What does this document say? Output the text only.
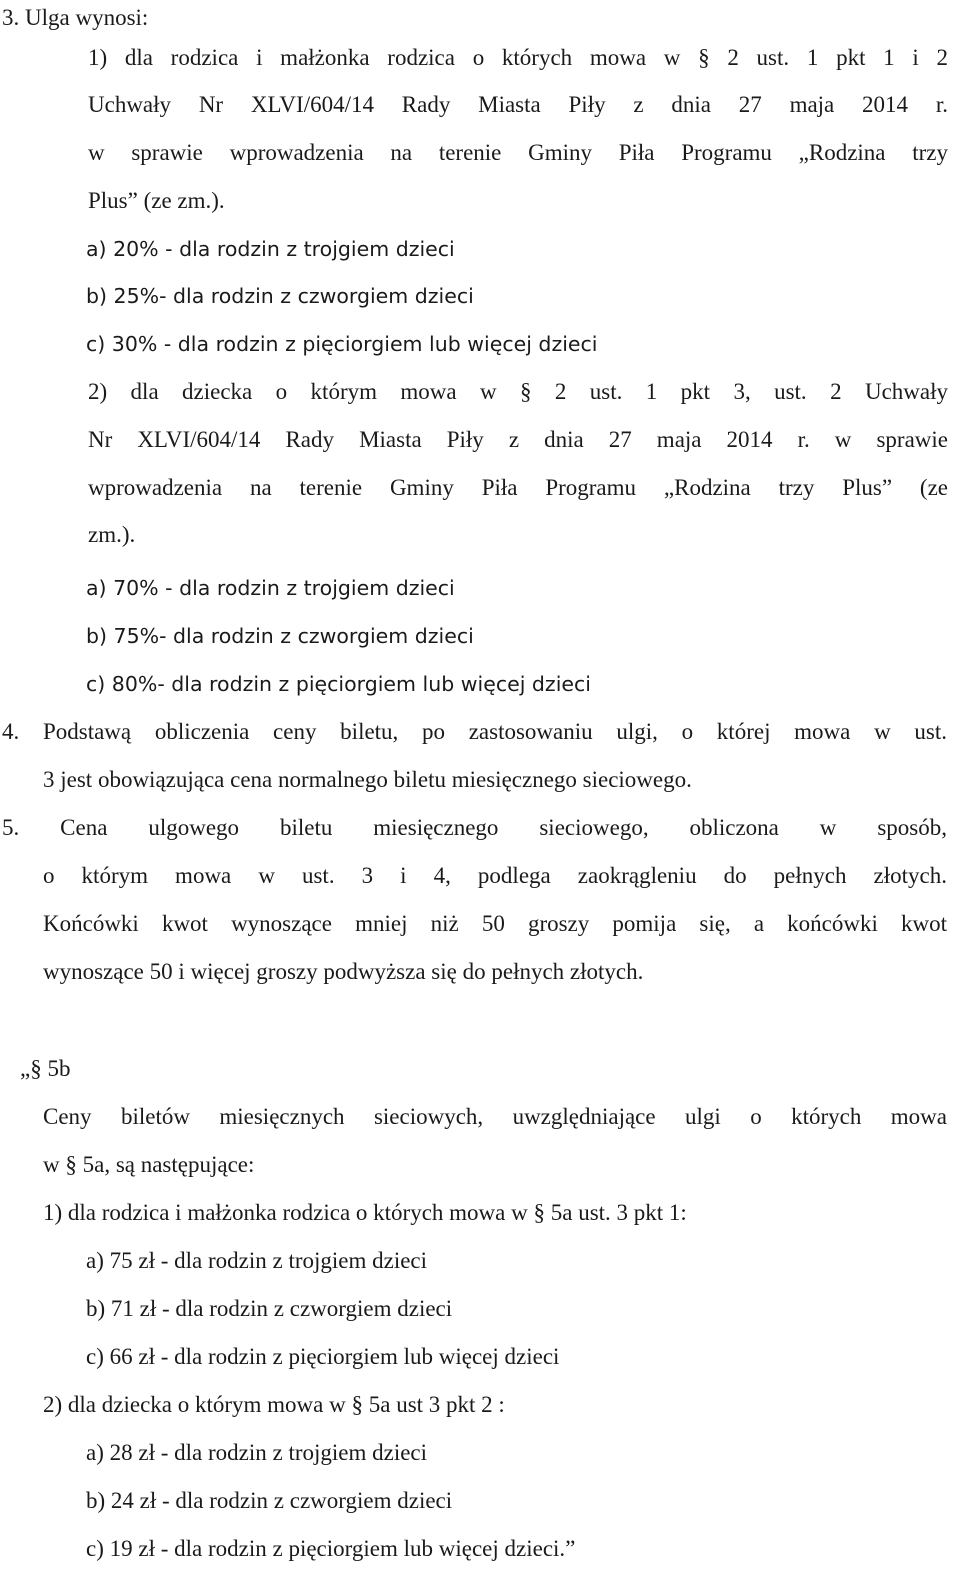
3. Ulga wynosi:
1) dla rodzica i małżonka rodzica o których mowa w § 2 ust. 1 pkt 1 i 2
Uchwały Nr XLVI/604/14 Rady Miasta Piły z dnia 27 maja 2014 r.
w sprawie wprowadzenia na terenie Gminy Piła Programu „Rodzina trzy
Plus” (ze zm.).
a) 20% - dla rodzin z trojgiem dzieci
b) 25%- dla rodzin z czworgiem dzieci
c) 30% - dla rodzin z pięciorgiem lub więcej dzieci
2) dla dziecka o którym mowa w § 2 ust. 1 pkt 3, ust. 2 Uchwały
Nr XLVI/604/14 Rady Miasta Piły z dnia 27 maja 2014 r. w sprawie
wprowadzenia na terenie Gminy Piła Programu „Rodzina trzy Plus” (ze
zm.).
a) 70% - dla rodzin z trojgiem dzieci
b) 75%- dla rodzin z czworgiem dzieci
c) 80%- dla rodzin z pięciorgiem lub więcej dzieci
4. Podstawą obliczenia ceny biletu, po zastosowaniu ulgi, o której mowa w ust.
3 jest obowiązująca cena normalnego biletu miesięcznego sieciowego.
5. Cena ulgowego biletu miesięcznego sieciowego, obliczona w sposób,
o którym mowa w ust. 3 i 4, podlega zaokrągleniu do pełnych złotych.
Końcówki kwot wynoszące mniej niż 50 groszy pomija się, a końcówki kwot
wynoszące 50 i więcej groszy podwyższa się do pełnych złotych.
„§ 5b
Ceny biletów miesięcznych sieciowych, uwzględniające ulgi o których mowa
w § 5a, są następujące:
1) dla rodzica i małżonka rodzica o których mowa w § 5a ust. 3 pkt 1:
a) 75 zł - dla rodzin z trojgiem dzieci
b) 71 zł - dla rodzin z czworgiem dzieci
c) 66 zł - dla rodzin z pięciorgiem lub więcej dzieci
2) dla dziecka o którym mowa w § 5a ust 3 pkt 2 :
a) 28 zł - dla rodzin z trojgiem dzieci
b) 24 zł - dla rodzin z czworgiem dzieci
c) 19 zł - dla rodzin z pięciorgiem lub więcej dzieci.”
